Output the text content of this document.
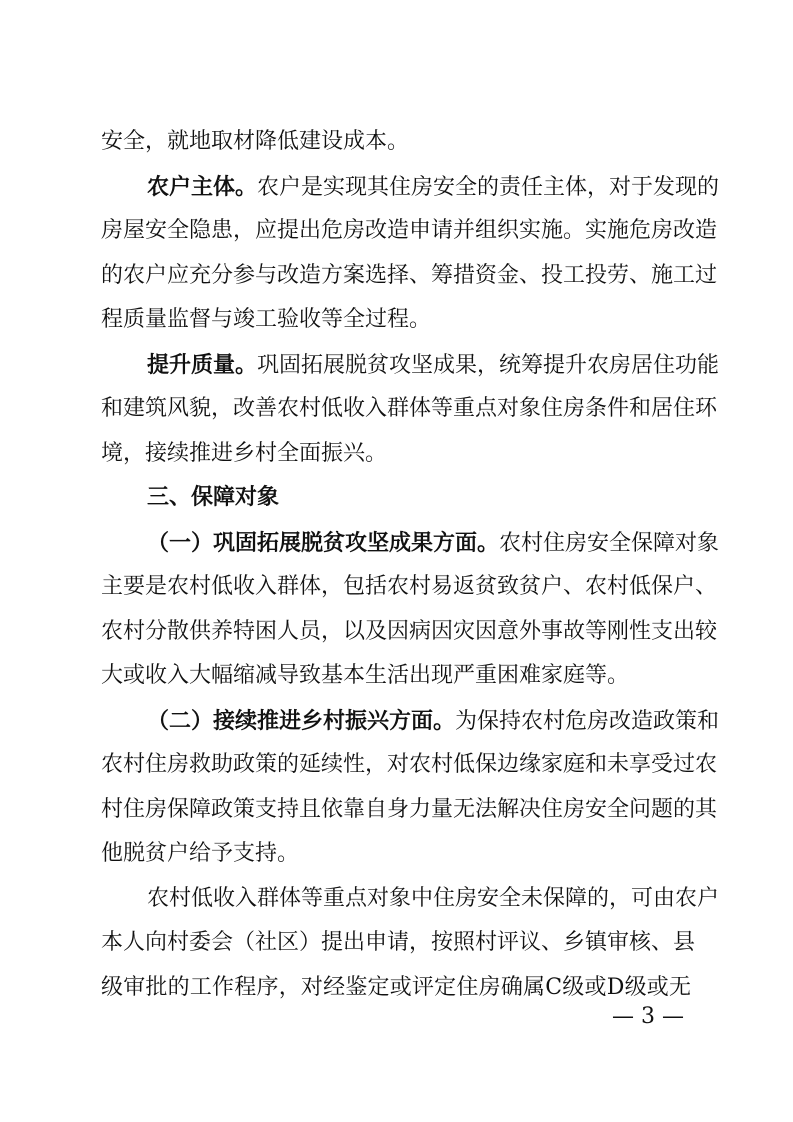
安全，就地取材降低建设成本。
农户主体。农户是实现其住房安全的责任主体，对于发现的
房屋安全隐患，应提出危房改造申请并组织实施。实施危房改造
的农户应充分参与改造方案选择、筹措资金、投工投劳、施工过
程质量监督与竣工验收等全过程。
提升质量。巩固拓展脱贫攻坚成果，统筹提升农房居住功能
和建筑风貌，改善农村低收入群体等重点对象住房条件和居住环
境，接续推进乡村全面振兴。
三、保障对象
（一）巩固拓展脱贫攻坚成果方面。农村住房安全保障对象
主要是农村低收入群体，包括农村易返贫致贫户、农村低保户、
农村分散供养特困人员，以及因病因灾因意外事故等刚性支出较
大或收入大幅缩减导致基本生活出现严重困难家庭等。
（二）接续推进乡村振兴方面。为保持农村危房改造政策和
农村住房救助政策的延续性，对农村低保边缘家庭和未享受过农
村住房保障政策支持且依靠自身力量无法解决住房安全问题的其
他脱贫户给予支持。
农村低收入群体等重点对象中住房安全未保障的，可由农户
本人向村委会（社区）提出申请，按照村评议、乡镇审核、县
级审批的工作程序，对经鉴定或评定住房确属C级或D级或无
— 3 —
